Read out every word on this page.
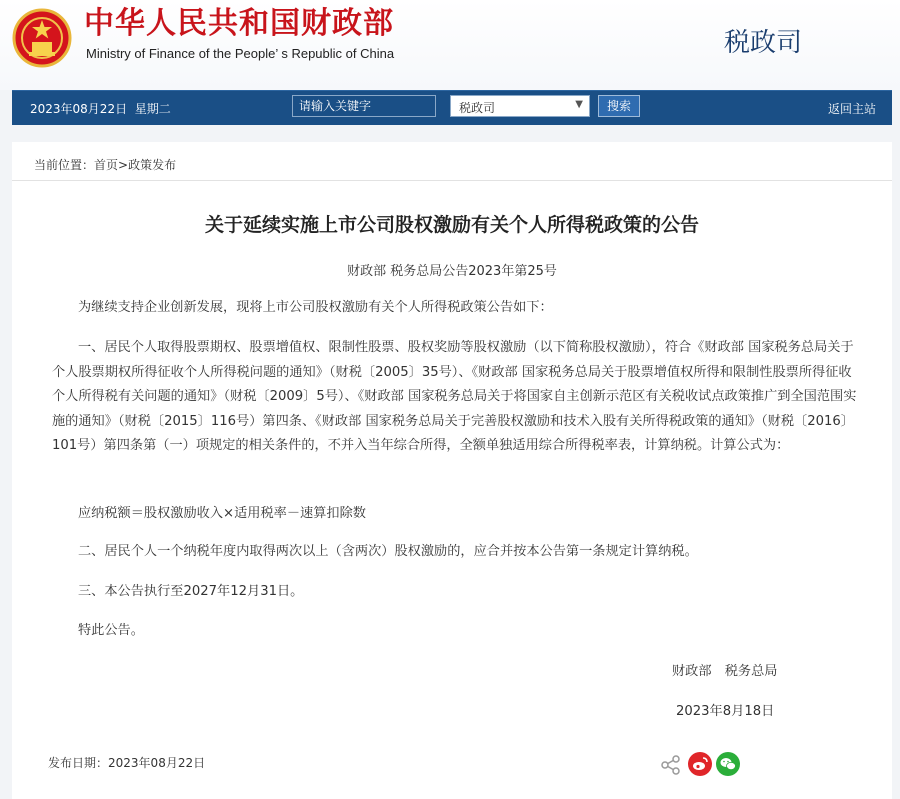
中华人民共和国财政部
Ministry of Finance of the People’ s Republic of China	税政司
2023年08月22日 星期二
请输入关键字	税政司	▼	搜索	返回主站
当前位置：首页>政策发布
关于延续实施上市公司股权激励有关个人所得税政策的公告
财政部 税务总局公告2023年第25号
为继续支持企业创新发展，现将上市公司股权激励有关个人所得税政策公告如下：
一、居民个人取得股票期权、股票增值权、限制性股票、股权奖励等股权激励（以下简称股权激励），符合《财政部 国家税务总局关于个人股票期权所得征收个人所得税问题的通知》（财税〔2005〕35号）、《财政部 国家税务总局关于股票增值权所得和限制性股票所得征收个人所得税有关问题的通知》（财税〔2009〕5号）、《财政部 国家税务总局关于将国家自主创新示范区有关税收试点政策推广到全国范围实施的通知》（财税〔2015〕116号）第四条、《财政部 国家税务总局关于完善股权激励和技术入股有关所得税政策的通知》（财税〔2016〕101号）第四条第（一）项规定的相关条件的，不并入当年综合所得，全额单独适用综合所得税率表，计算纳税。计算公式为：
应纳税额＝股权激励收入×适用税率－速算扣除数
二、居民个人一个纳税年度内取得两次以上（含两次）股权激励的，应合并按本公告第一条规定计算纳税。
三、本公告执行至2027年12月31日。
特此公告。
财政部　税务总局
2023年8月18日
发布日期：2023年08月22日
